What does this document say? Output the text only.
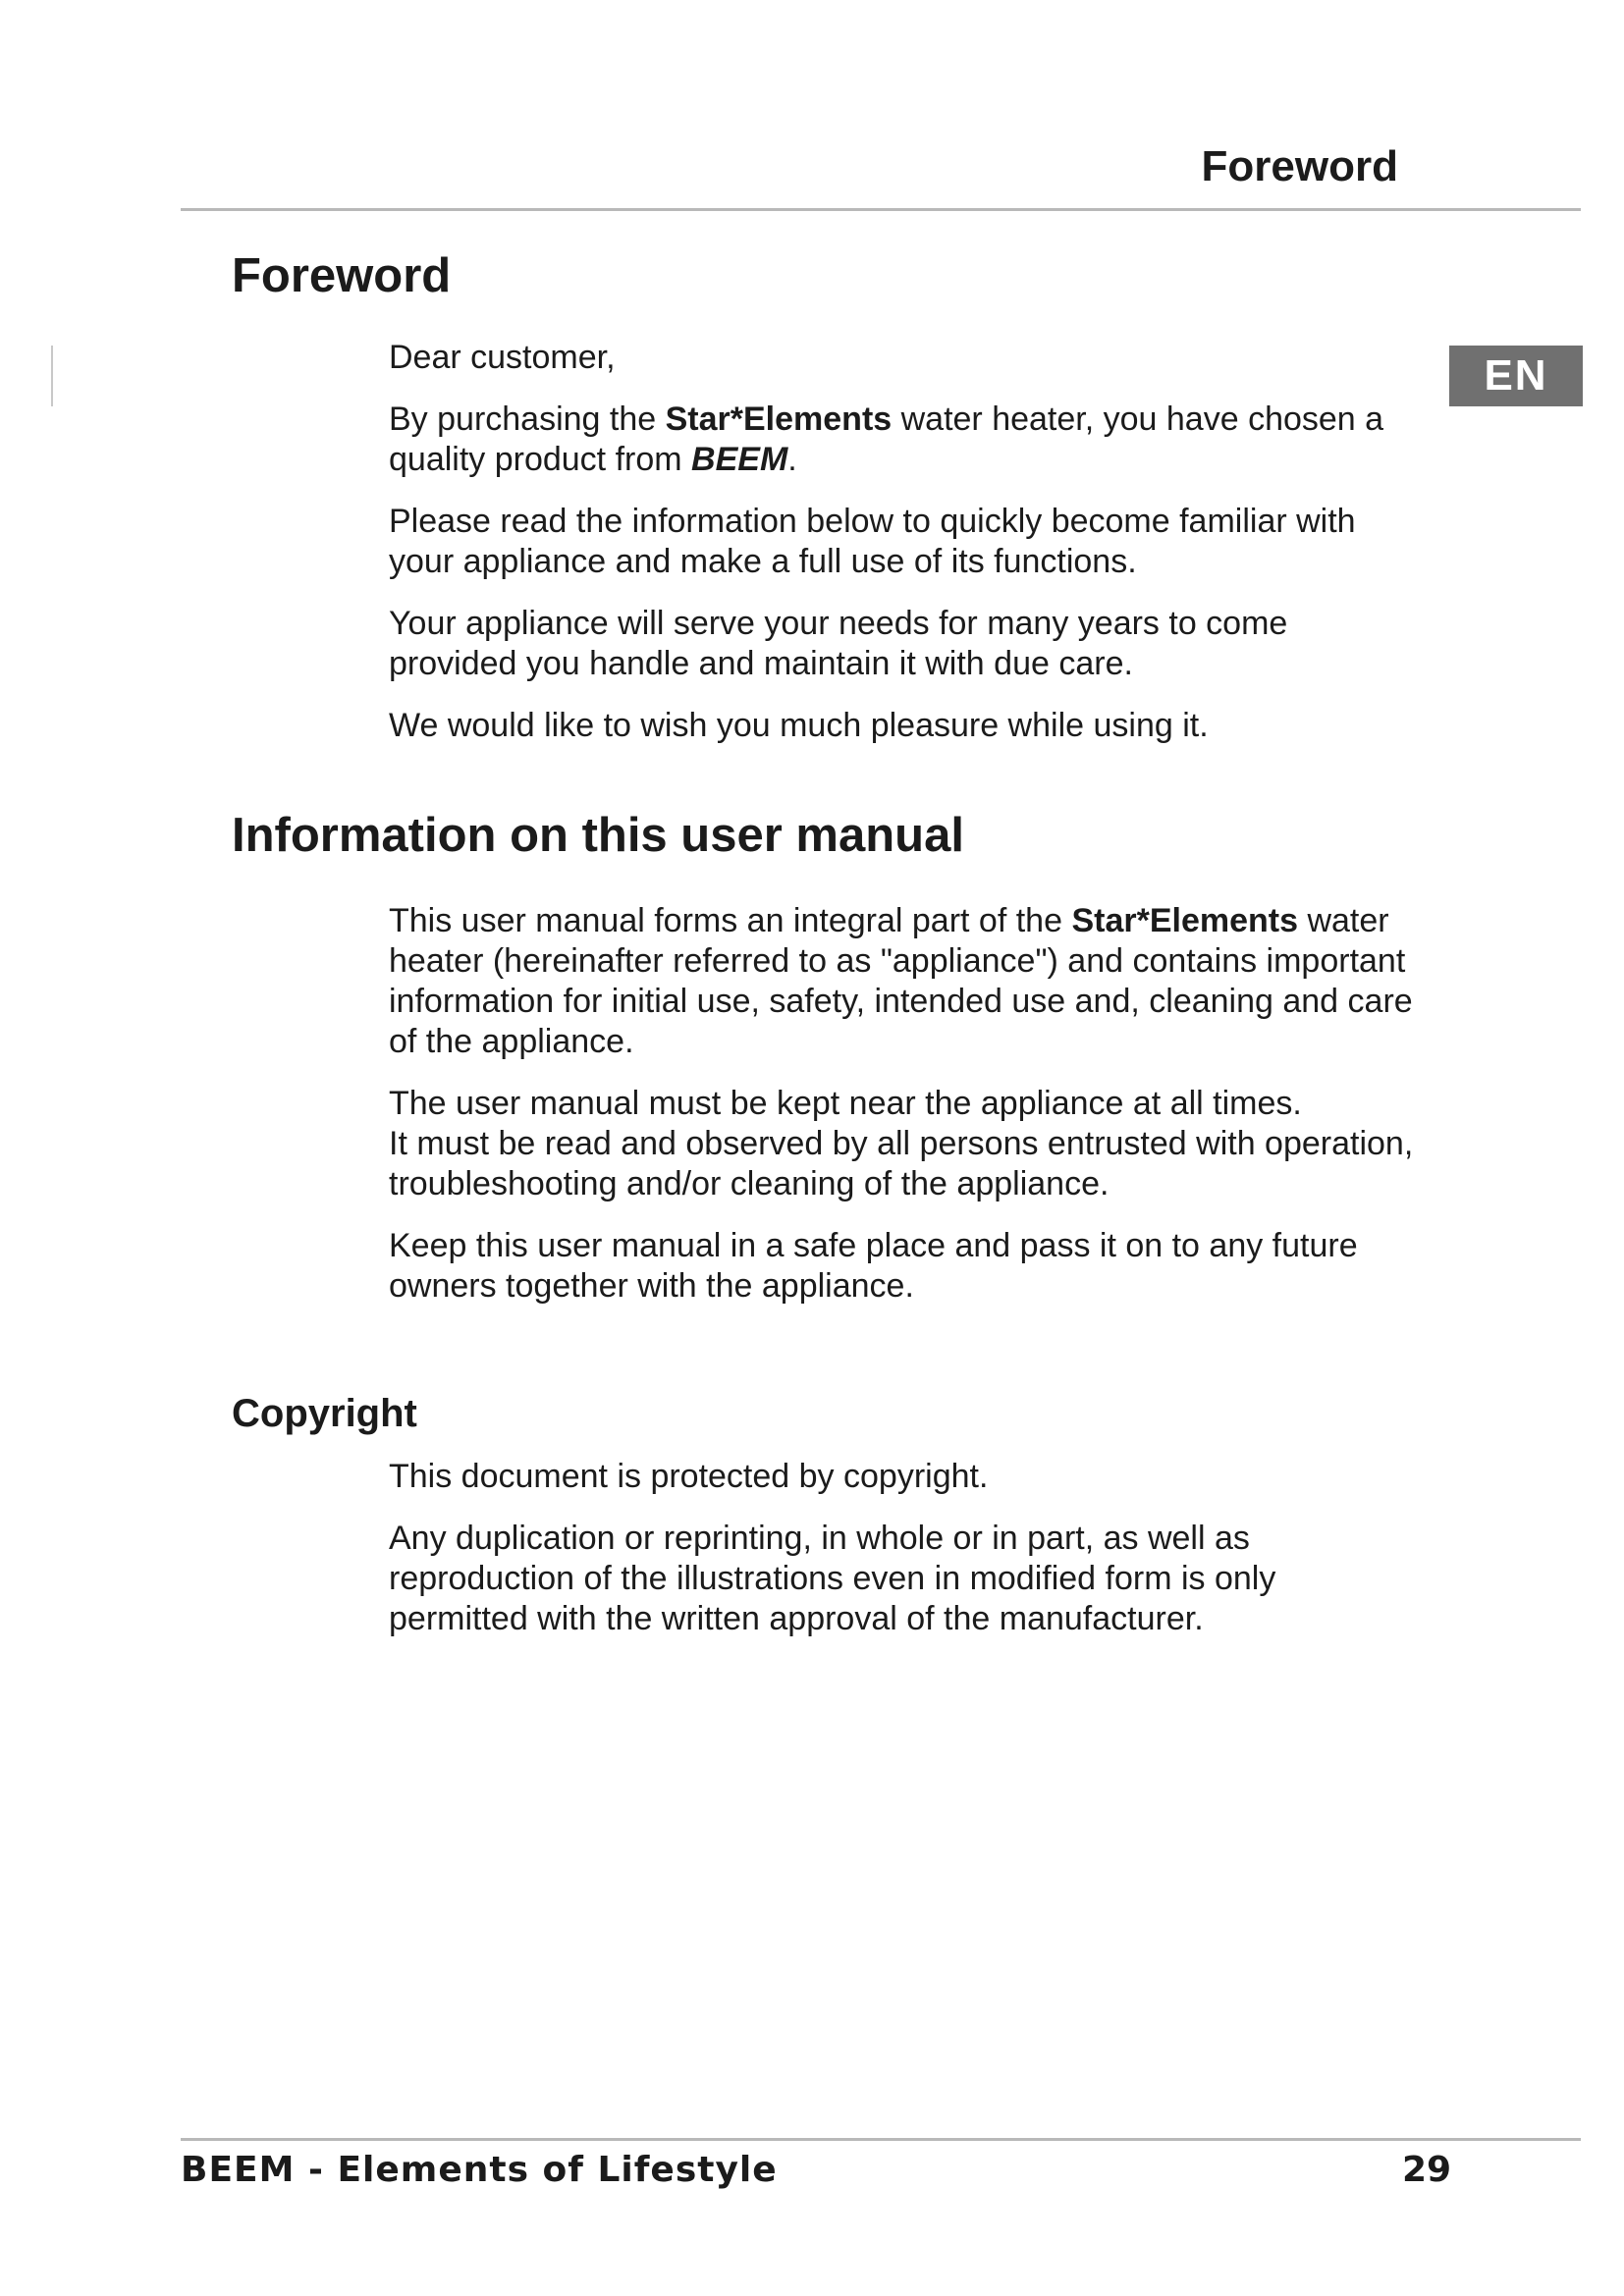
Foreword
EN
Foreword

Dear customer,

By purchasing the Star*Elements water heater, you have chosen a quality product from BEEM.

Please read the information below to quickly become familiar with your appliance and make a full use of its functions.

Your appliance will serve your needs for many years to come provided you handle and maintain it with due care.

We would like to wish you much pleasure while using it.

Information on this user manual

This user manual forms an integral part of the Star*Elements water heater (hereinafter referred to as "appliance") and contains important information for initial use, safety, intended use and, cleaning and care of the appliance.

The user manual must be kept near the appliance at all times.
It must be read and observed by all persons entrusted with operation, troubleshooting and/or cleaning of the appliance.

Keep this user manual in a safe place and pass it on to any future owners together with the appliance.

Copyright

This document is protected by copyright.

Any duplication or reprinting, in whole or in part, as well as reproduction of the illustrations even in modified form is only permitted with the written approval of the manufacturer.

BEEM - Elements of Lifestyle	29
